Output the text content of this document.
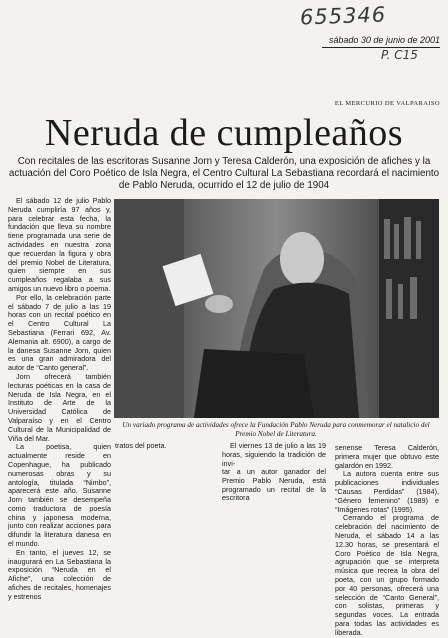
655346
P. C15
sábado 30 de junio de 2001
EL MERCURIO DE VALPARAISO
Neruda de cumpleaños
Con recitales de las escritoras Susanne Jorn y Teresa Calderón, una exposición de afiches y la actuación del Coro Poético de Isla Negra, el Centro Cultural La Sebastiana recordará el nacimiento de Pablo Neruda, ocurrido el 12 de julio de 1904

El sábado 12 de julio Pablo Neruda cumpliría 97 años y, para celebrar esta fecha, la fundación que lleva su nombre tiene programada una serie de actividades en nuestra zona que recuerdan la figura y obra del premio Nobel de Literatura, quien siempre en sus cumpleaños regalaba a sus amigos un nuevo libro o poema.

Por ello, la celebración parte el sábado 7 de julio a las 19 horas con un recital poético en el Centro Cultural La Sebastiana (Ferrari 692, Av. Alemania alt. 6900), a cargo de la danesa Susanne Jorn, quien es una gran admiradora del autor de “Canto general”.

Jorn ofrecerá también lecturas poéticas en la casa de Neruda de Isla Negra, en el Instituto de Arte de la Universidad Católica de Valparaíso y en el Centro Cultural de la Municipalidad de Viña del Mar.

La poetisa, quien actualmente reside en Copenhague, ha publicado numerosas obras y su antología, titulada “Nimbo”, aparecerá este año. Susanne Jorn también se desempeña como traductora de poesía china y japonesa moderna, junto con realizar acciones para difundir la literatura danesa en el mundo.

En tanto, el jueves 12, se inaugurará en La Sebastiana la exposición “Neruda en el Afiche”, una colección de afiches de recitales, homenajes y estrenos

Un variado programa de actividades ofrece la Fundación Pablo Neruda para conmemorar el natalicio del Premio Nobel de Literatura.

tratos del poeta.	El viernes 13 de julio a las 19 horas, siguiendo la tradición de invi-

tar a un autor ganador del Premio Pablo Neruda, está programado un recital de la escritora

senense Teresa Calderón, primera mujer que obtuvo este galardón en 1992.

La autora cuenta entre sus publicaciones individuales “Causas Perdidas” (1984), “Género femenino” (1989) e “Imágenes rotas” (1995).

Cerrando el programa de celebración del nacimiento de Neruda, el sábado 14 a las 12.30 horas, se presentará el Coro Poético de Isla Negra, agrupación que se interpreta música que recrea la obra del poeta, con un grupo formado por 40 personas, ofrecerá una selección de “Canto General”, con solistas, primeras y segundas voces. La entrada para todas las actividades es liberada.
